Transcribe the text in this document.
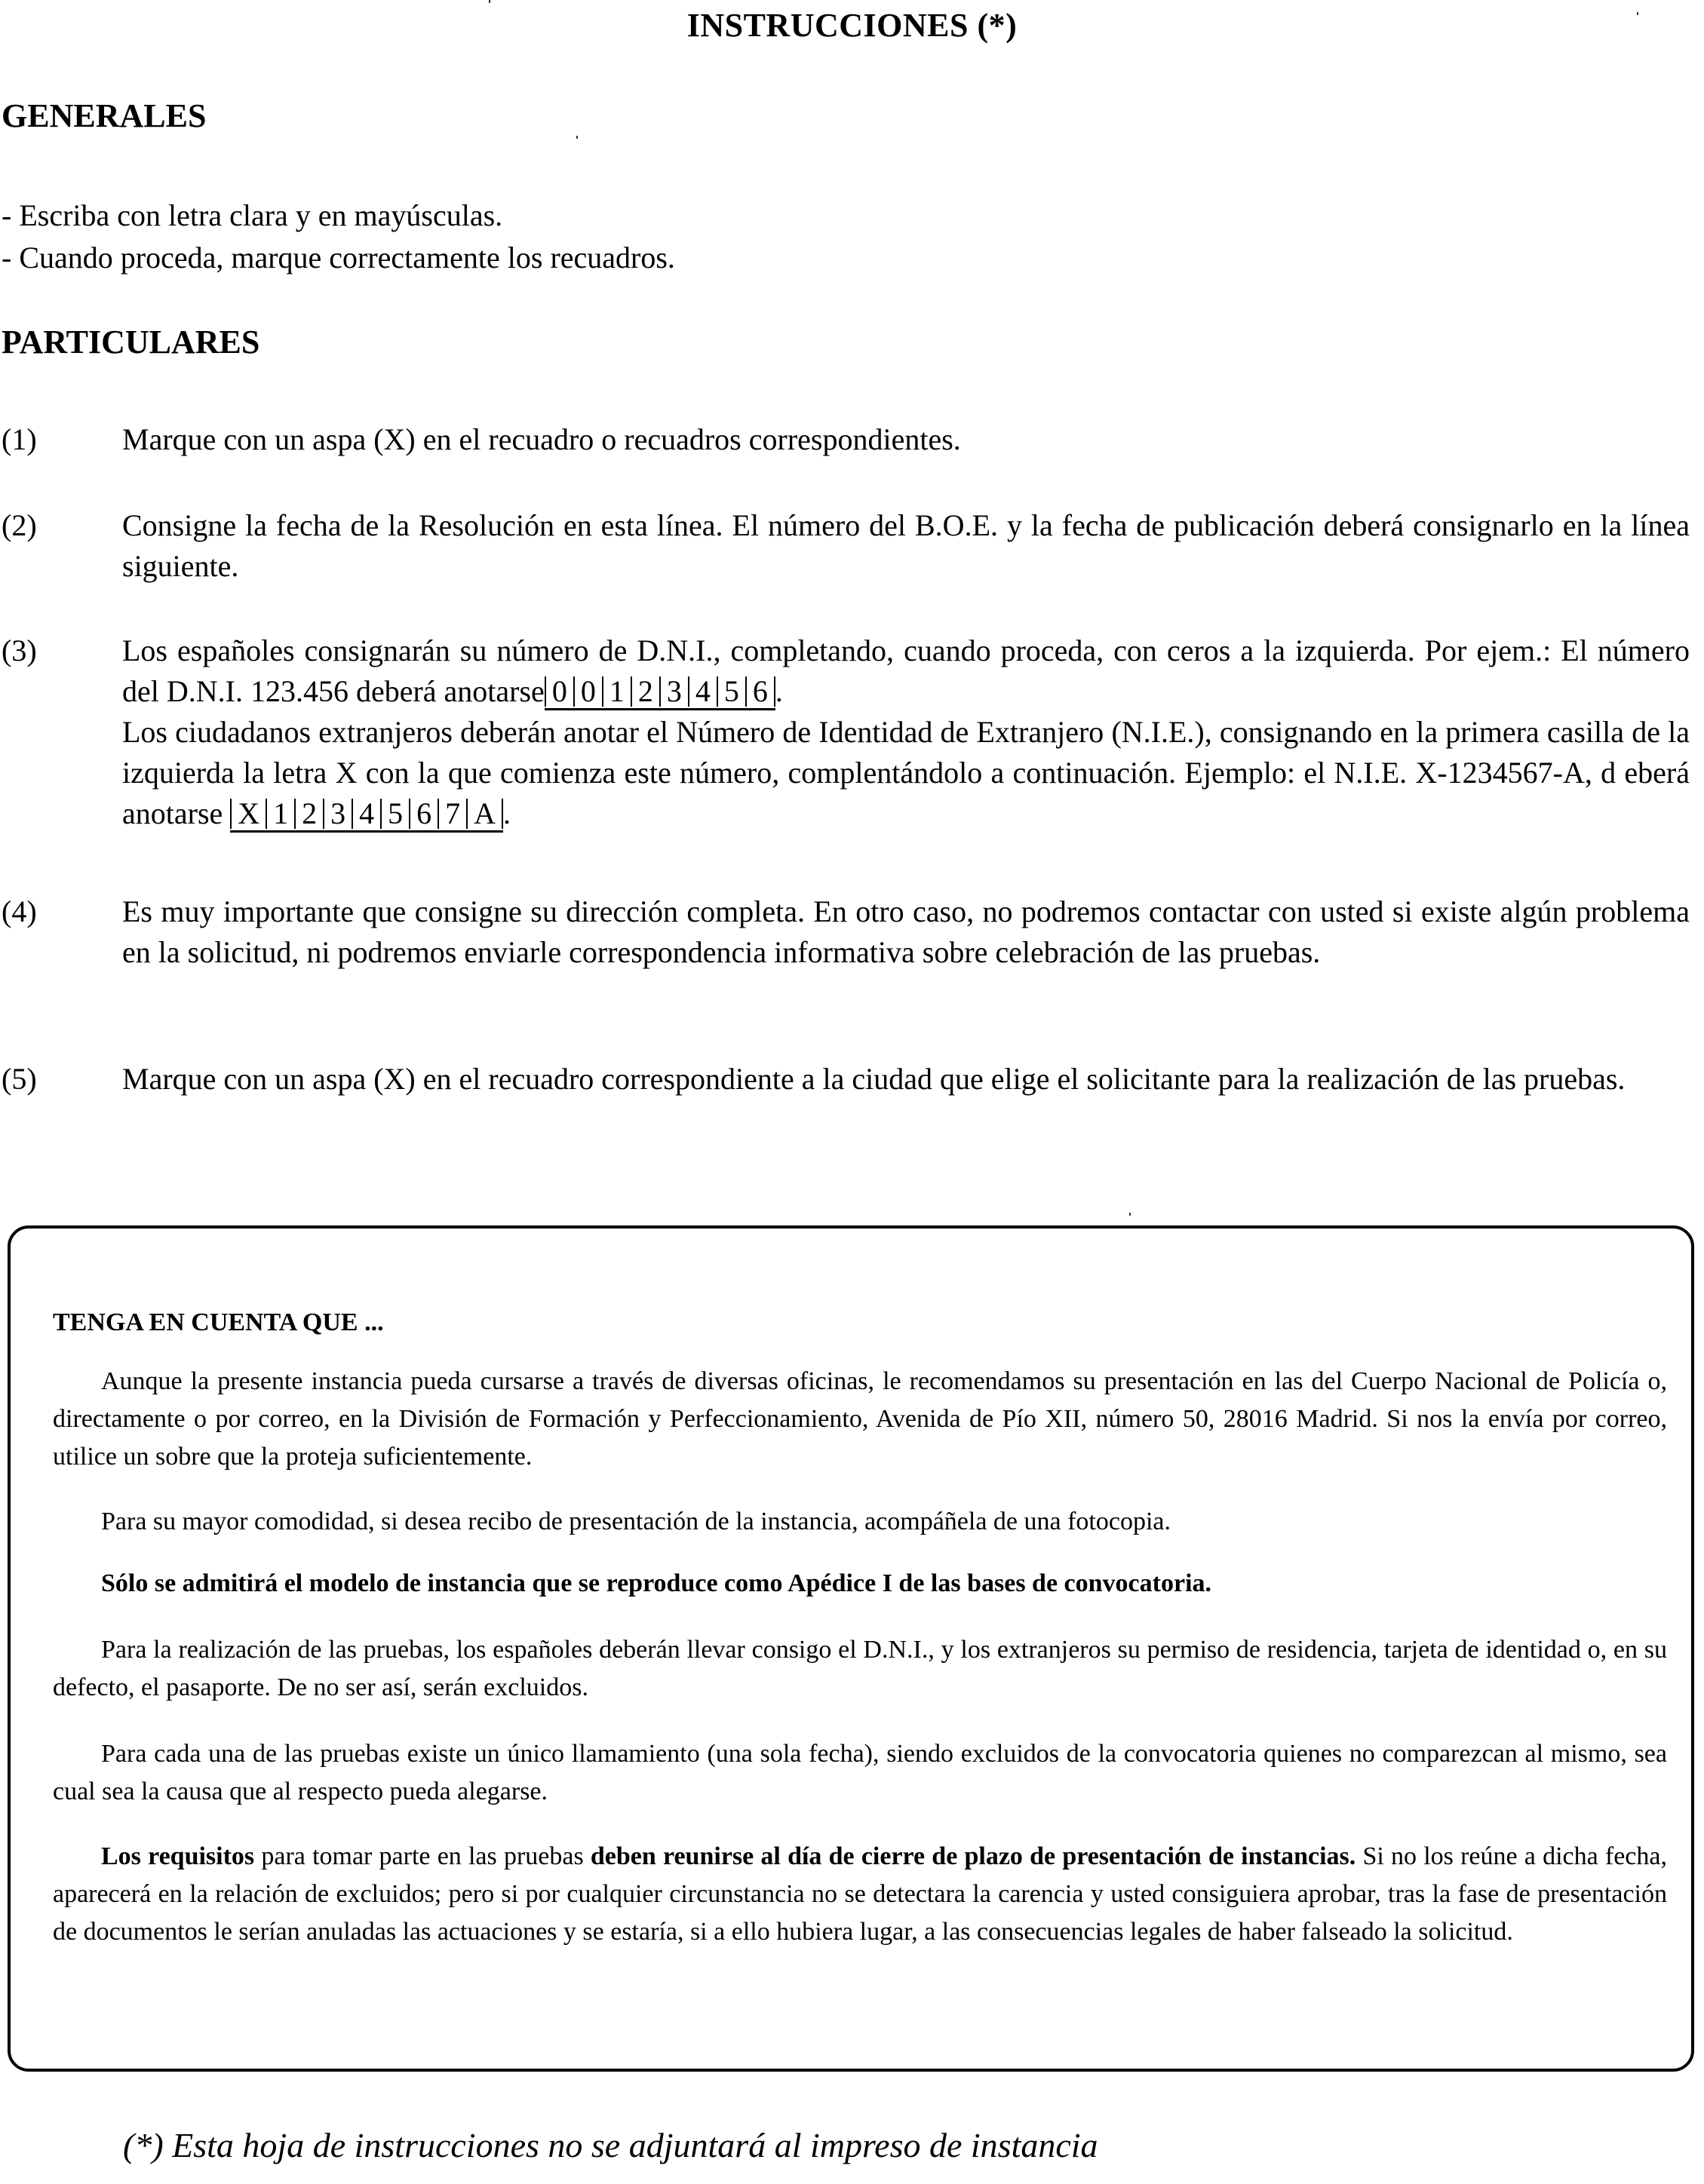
INSTRUCCIONES (*)
GENERALES
- Escriba con letra clara y en mayúsculas.
- Cuando proceda, marque correctamente los recuadros.
PARTICULARES
(1)	Marque con un aspa (X) en el recuadro o recuadros correspondientes.
(2)	Consigne la fecha de la Resolución en esta línea. El número del B.O.E. y la fecha de publicación deberá consignarlo en la línea siguiente.
(3)	Los españoles consignarán su número de D.N.I., completando, cuando proceda, con ceros a la izquierda. Por ejem.: El número del D.N.I. 123.456 deberá anotarse 0 0 1 2 3 4 5 6 .

Los ciudadanos extranjeros deberán anotar el Número de Identidad de Extranjero (N.I.E.), consignando en la primera casilla de la izquierda la letra X con la que comienza este número, complentándolo a continuación. Ejemplo: el N.I.E. X-1234567-A, d eberá anotarse X 1 2 3 4 5 6 7 A .

(4)	Es muy importante que consigne su dirección completa. En otro caso, no podremos contactar con usted si existe algún problema en la solicitud, ni podremos enviarle correspondencia informativa sobre celebración de las pruebas.
(5)	Marque con un aspa (X) en el recuadro correspondiente a la ciudad que elige el solicitante para la realización de las pruebas.
TENGA EN CUENTA QUE ...

Aunque la presente instancia pueda cursarse a través de diversas oficinas, le recomendamos su presentación en las del Cuerpo Nacional de Policía o, directamente o por correo, en la División de Formación y Perfeccionamiento, Avenida de Pío XII, número 50, 28016 Madrid. Si nos la envía por correo, utilice un sobre que la proteja suficientemente.

Para su mayor comodidad, si desea recibo de presentación de la instancia, acompáñela de una fotocopia.

Sólo se admitirá el modelo de instancia que se reproduce como Apédice I de las bases de convocatoria.

Para la realización de las pruebas, los españoles deberán llevar consigo el D.N.I., y los extranjeros su permiso de residencia, tarjeta de identidad o, en su defecto, el pasaporte. De no ser así, serán excluidos.

Para cada una de las pruebas existe un único llamamiento (una sola fecha), siendo excluidos de la convocatoria quienes no comparezcan al mismo, sea cual sea la causa que al respecto pueda alegarse.

Los requisitos para tomar parte en las pruebas deben reunirse al día de cierre de plazo de presentación de instancias. Si no los reúne a dicha fecha, aparecerá en la relación de excluidos; pero si por cualquier circunstancia no se detectara la carencia y usted consiguiera aprobar, tras la fase de presentación de documentos le serían anuladas las actuaciones y se estaría, si a ello hubiera lugar, a las consecuencias legales de haber falseado la solicitud.

(*) Esta hoja de instrucciones no se adjuntará al impreso de instancia
